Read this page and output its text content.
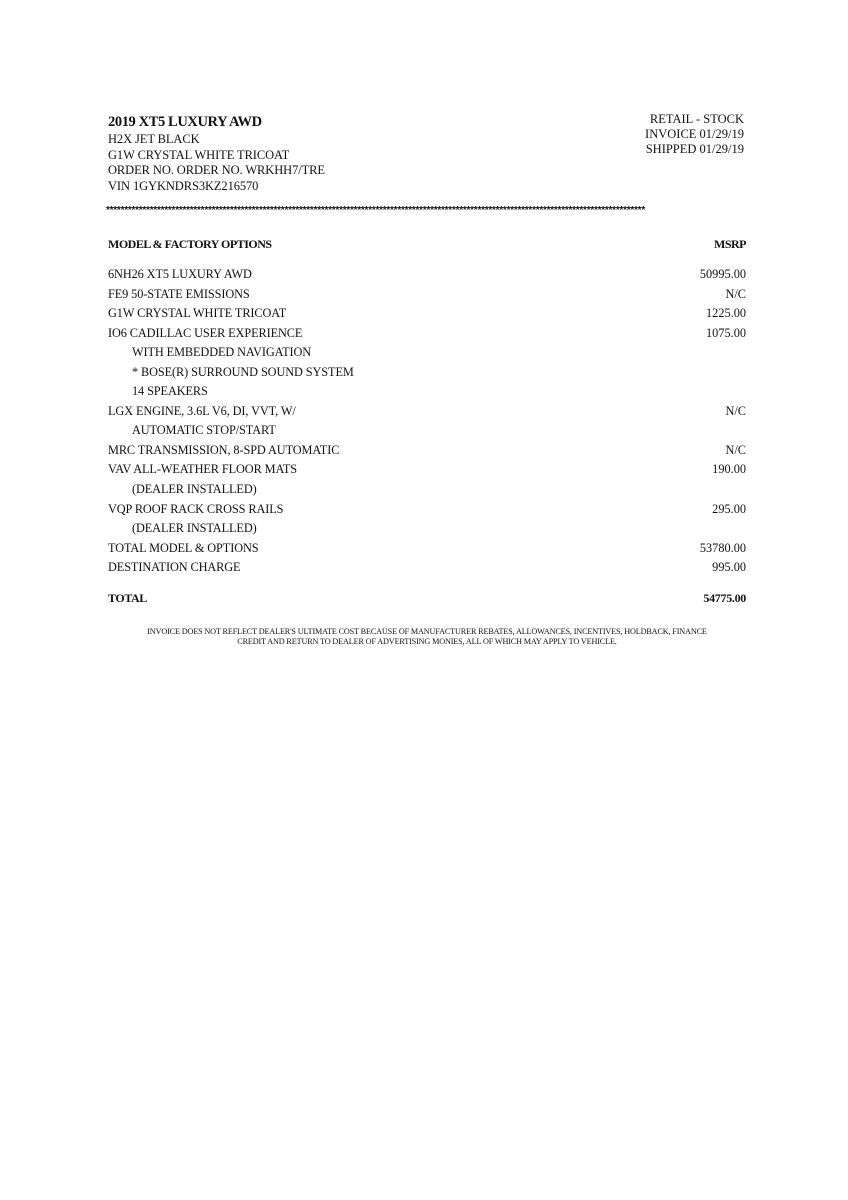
2019 XT5 LUXURY AWD
H2X JET BLACK
G1W CRYSTAL WHITE TRICOAT
ORDER NO. ORDER NO. WRKHH7/TRE
VIN 1GYKNDRS3KZ216570
RETAIL - STOCK
INVOICE 01/29/19
SHIPPED 01/29/19
****************************************************************************************************************************************************
MODEL & FACTORY OPTIONS	MSRP
6NH26 XT5 LUXURY AWD	50995.00
FE9 50-STATE EMISSIONS	N/C
G1W CRYSTAL WHITE TRICOAT	1225.00
IO6 CADILLAC USER EXPERIENCE	1075.00
WITH EMBEDDED NAVIGATION
* BOSE(R) SURROUND SOUND SYSTEM
14 SPEAKERS
LGX ENGINE, 3.6L V6, DI, VVT, W/	N/C
AUTOMATIC STOP/START
MRC TRANSMISSION, 8-SPD AUTOMATIC	N/C
VAV ALL-WEATHER FLOOR MATS	190.00
(DEALER INSTALLED)
VQP ROOF RACK CROSS RAILS	295.00
(DEALER INSTALLED)
TOTAL MODEL & OPTIONS	53780.00
DESTINATION CHARGE	995.00
TOTAL	54775.00
INVOICE DOES NOT REFLECT DEALER'S ULTIMATE COST BECAUSE OF MANUFACTURER REBATES, ALLOWANCES, INCENTIVES, HOLDBACK, FINANCE
CREDIT AND RETURN TO DEALER OF ADVERTISING MONIES, ALL OF WHICH MAY APPLY TO VEHICLE.
